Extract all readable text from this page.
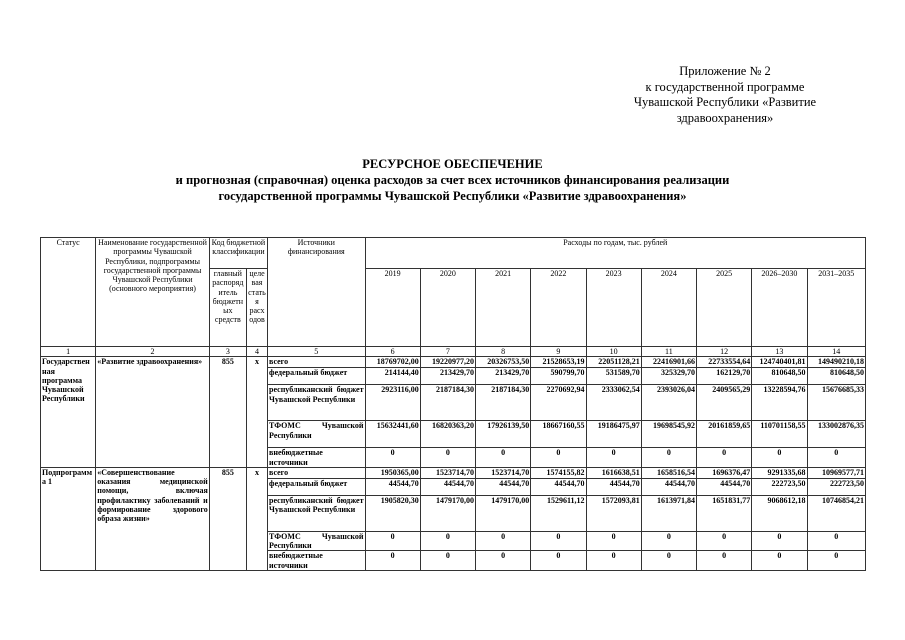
Приложение № 2
к государственной программе
Чувашской Республики «Развитие
здравоохранения»
РЕСУРСНОЕ ОБЕСПЕЧЕНИЕ
и прогнозная (справочная) оценка расходов за счет всех источников финансирования реализации
государственной программы Чувашской Республики «Развитие здравоохранения»
Статус	Наименование государственной программы Чувашской Республики, подпрограммы государственной программы Чувашской Республики (основного мероприятия)	Код бюджетной классификации		Источники финансирования	Расходы по годам, тыс. рублей								
		главный распорядитель бюджетных средств	целевая статья расходов		2019	2020	2021	2022	2023	2024	2025	2026–2030	2031–2035

1	2	3	4	5	6	7	8	9	10	11	12	13	14
Государственная программа Чувашской Республики	«Развитие здравоохранения»	855	x	всего	18769702,00	19220977,20	20326753,50	21528653,19	22051128,21	22416901,66	22733554,64	124740401,81	149490210,18
				федеральный бюджет	214144,40	213429,70	213429,70	590799,70	531589,70	325329,70	162129,70	810648,50	810648,50
				республиканский бюджет Чувашской Республики	2923116,00	2187184,30	2187184,30	2270692,94	2333062,54	2393026,04	2409565,29	13228594,76	15676685,33
				ТФОМС Чувашской Республики	15632441,60	16820363,20	17926139,50	18667160,55	19186475,97	19698545,92	20161859,65	110701158,55	133002876,35
				внебюджетные источники	0	0	0	0	0	0	0	0	0
Подпрограмма 1	«Совершенствование оказания медицинской помощи, включая профилактику заболеваний и формирование здорового образа жизни»	855	x	всего	1950365,00	1523714,70	1523714,70	1574155,82	1616638,51	1658516,54	1696376,47	9291335,68	10969577,71
				федеральный бюджет	44544,70	44544,70	44544,70	44544,70	44544,70	44544,70	44544,70	222723,50	222723,50
				республиканский бюджет Чувашской Республики	1905820,30	1479170,00	1479170,00	1529611,12	1572093,81	1613971,84	1651831,77	9068612,18	10746854,21
				ТФОМС Чувашской Республики	0	0	0	0	0	0	0	0	0
				внебюджетные источники	0	0	0	0	0	0	0	0	0
